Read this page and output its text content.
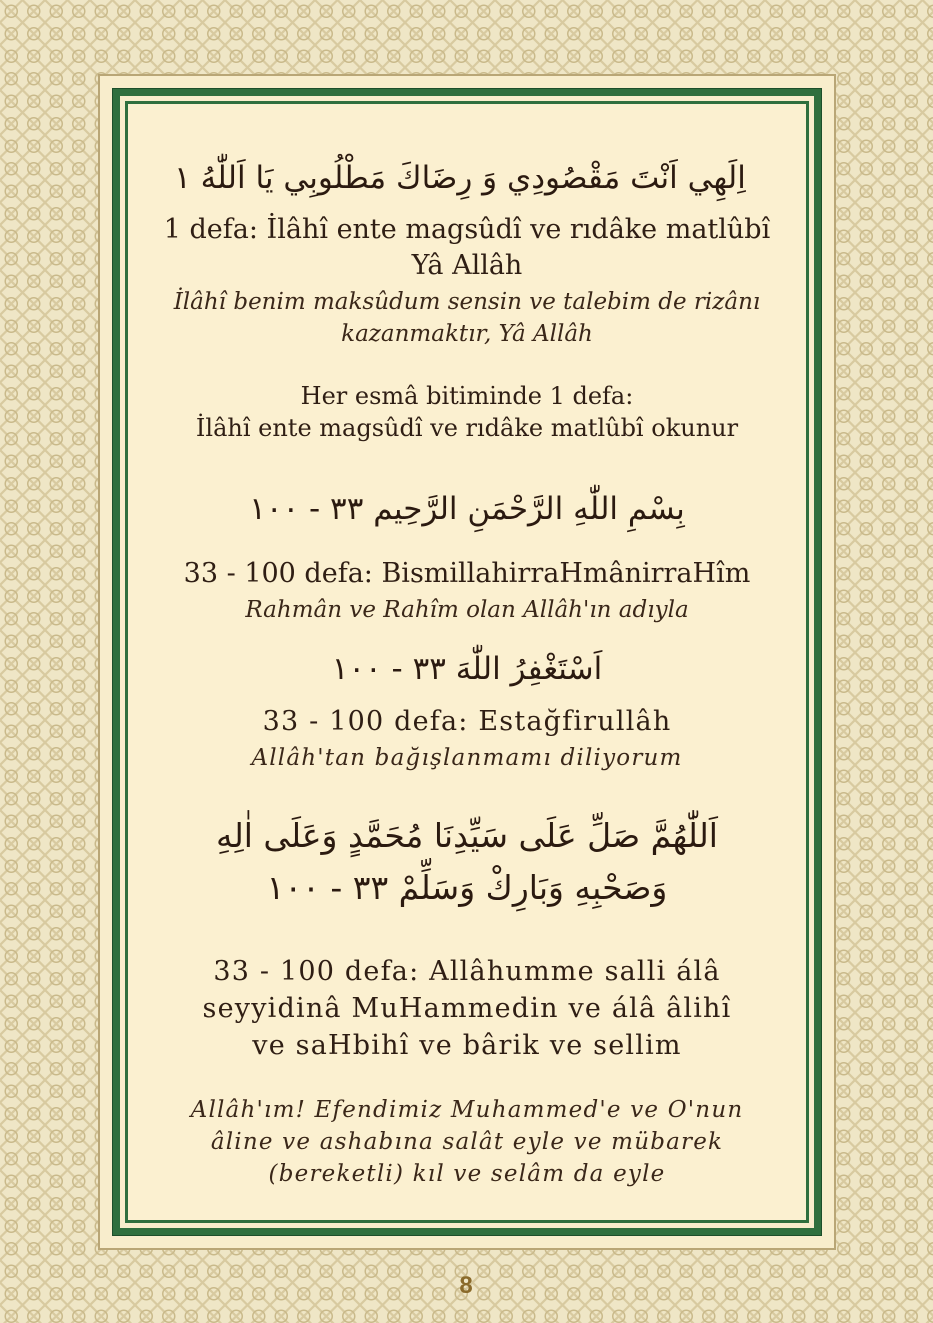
اِلَهِي اَنْتَ مَقْصُودِي وَ رِضَاكَ مَطْلُوبِي يَا اَللّٰهُ ١
1 defa: İlâhî ente magsûdî ve rıdâke matlûbî
Yâ Allâh
İlâhî benim maksûdum sensin ve talebim de rizânı
kazanmaktır, Yâ Allâh
Her esmâ bitiminde 1 defa:
İlâhî ente magsûdî ve rıdâke matlûbî okunur
بِسْمِ اللّٰهِ الرَّحْمَنِ الرَّحِيم ٣٣ - ١٠٠
33 - 100 defa: BismillahirraHmânirraHîm
Rahmân ve Rahîm olan Allâh'ın adıyla
اَسْتَغْفِرُ اللّٰهَ ٣٣ - ١٠٠
33 - 100 defa: Estağfirullâh
Allâh'tan bağışlanmamı diliyorum
اَللّٰهُمَّ صَلِّ عَلَى سَيِّدِنَا مُحَمَّدٍ وَعَلَى اٰلِهِ
وَصَحْبِهِ وَبَارِكْ وَسَلِّمْ ٣٣ - ١٠٠
33 - 100 defa: Allâhumme salli álâ
seyyidinâ MuHammedin ve álâ âlihî
ve saHbihî ve bârik ve sellim
Allâh'ım! Efendimiz Muhammed'e ve O'nun
âline ve ashabına salât eyle ve mübarek
(bereketli) kıl ve selâm da eyle
8
